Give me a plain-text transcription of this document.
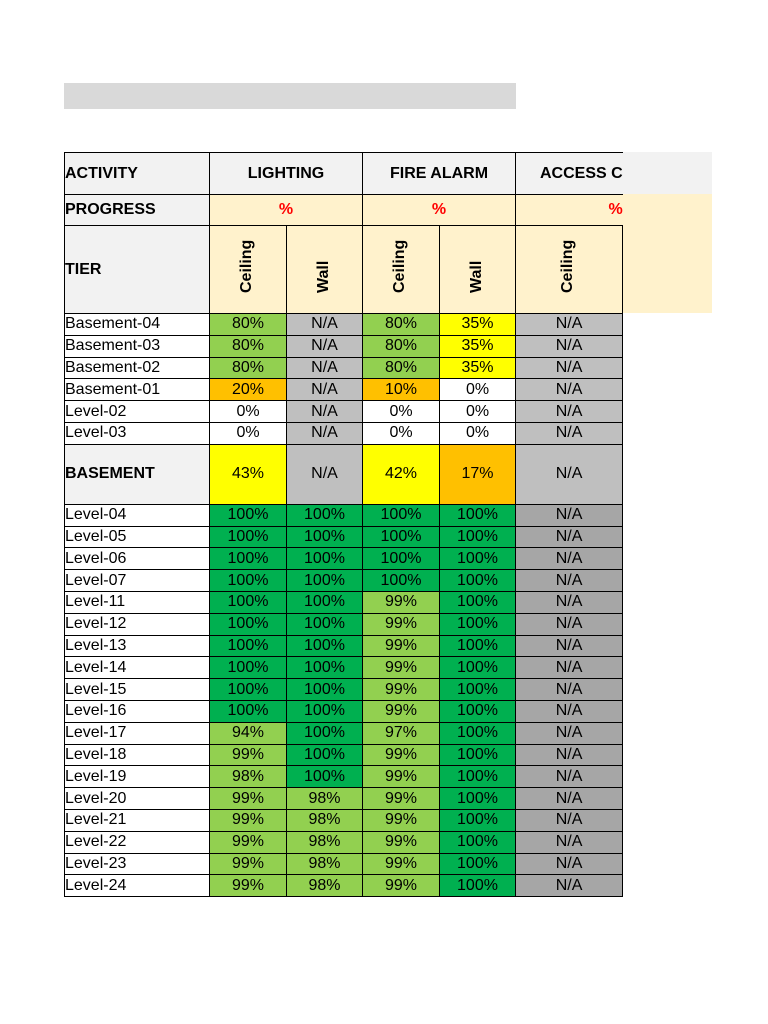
ACTIVITY	LIGHTING		FIRE ALARM		ACCESS C
PROGRESS	%		%		%
TIER	Ceiling	Wall	Ceiling	Wall	Ceiling

Basement-04	80%	N/A	80%	35%	N/A
Basement-03	80%	N/A	80%	35%	N/A
Basement-02	80%	N/A	80%	35%	N/A
Basement-01	20%	N/A	10%	0%	N/A
Level-02	0%	N/A	0%	0%	N/A
Level-03	0%	N/A	0%	0%	N/A
BASEMENT	43%	N/A	42%	17%	N/A
Level-04	100%	100%	100%	100%	N/A
Level-05	100%	100%	100%	100%	N/A
Level-06	100%	100%	100%	100%	N/A
Level-07	100%	100%	100%	100%	N/A
Level-11	100%	100%	99%	100%	N/A
Level-12	100%	100%	99%	100%	N/A
Level-13	100%	100%	99%	100%	N/A
Level-14	100%	100%	99%	100%	N/A
Level-15	100%	100%	99%	100%	N/A
Level-16	100%	100%	99%	100%	N/A
Level-17	94%	100%	97%	100%	N/A
Level-18	99%	100%	99%	100%	N/A
Level-19	98%	100%	99%	100%	N/A
Level-20	99%	98%	99%	100%	N/A
Level-21	99%	98%	99%	100%	N/A
Level-22	99%	98%	99%	100%	N/A
Level-23	99%	98%	99%	100%	N/A
Level-24	99%	98%	99%	100%	N/A
